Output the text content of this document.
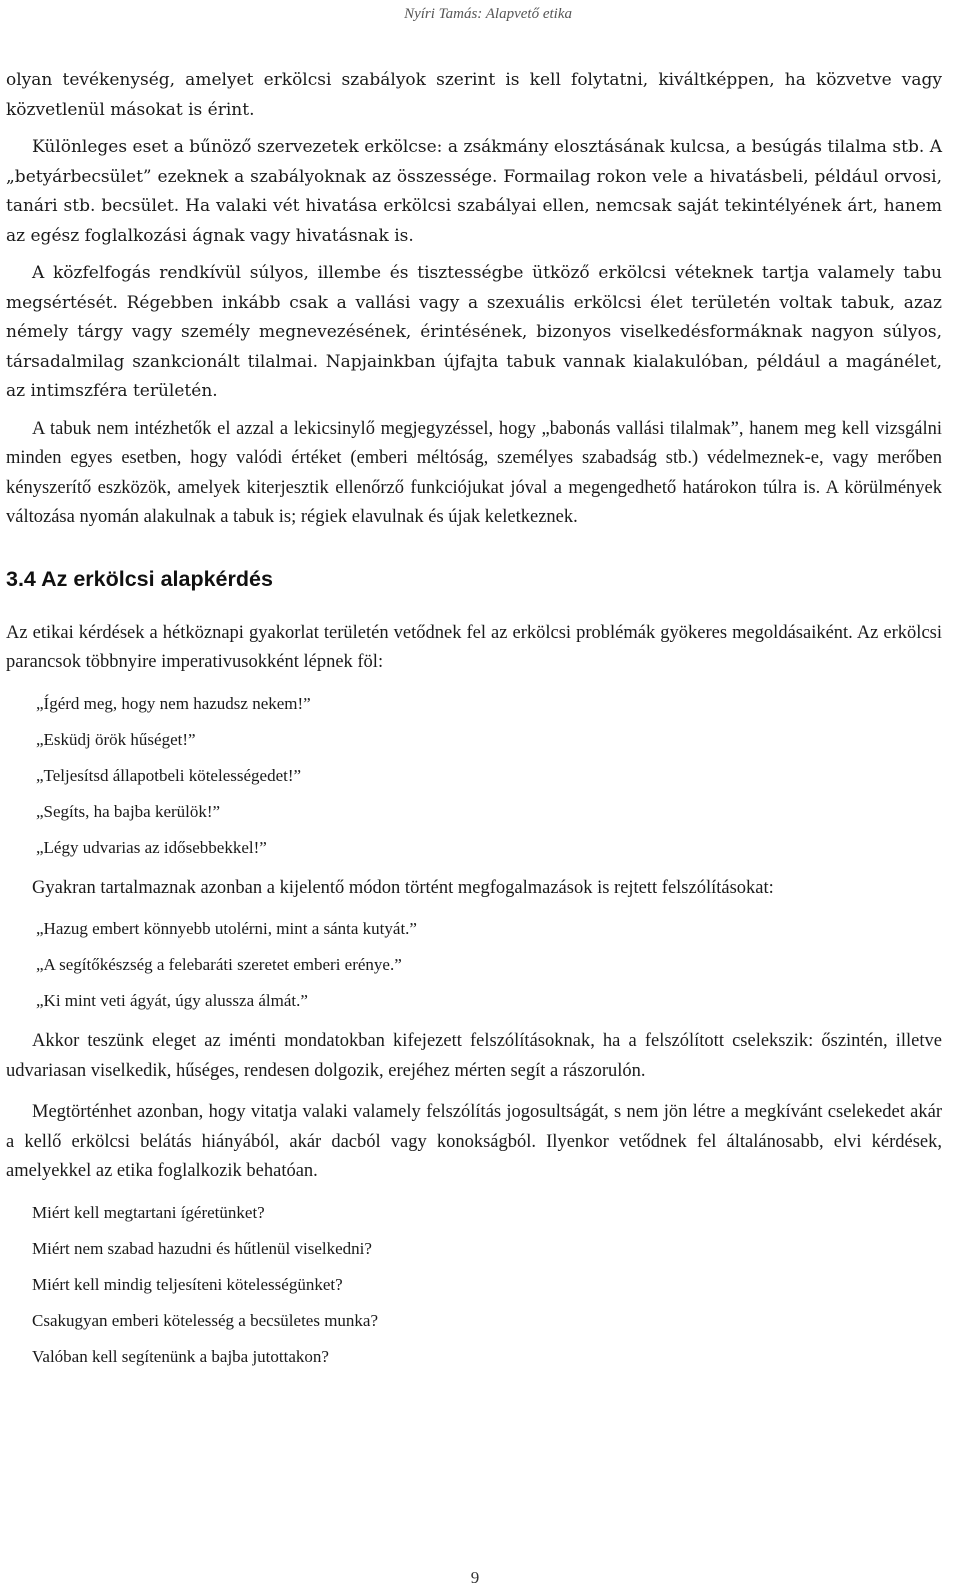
Nyíri Tamás: Alapvető etika

olyan tevékenység, amelyet erkölcsi szabályok szerint is kell folytatni, kiváltképpen, ha közvetve vagy közvetlenül másokat is érint.

Különleges eset a bűnöző szervezetek erkölcse: a zsákmány elosztásának kulcsa, a besúgás tilalma stb. A „betyárbecsület” ezeknek a szabályoknak az összessége. Formailag rokon vele a hivatásbeli, például orvosi, tanári stb. becsület. Ha valaki vét hivatása erkölcsi szabályai ellen, nemcsak saját tekintélyének árt, hanem az egész foglalkozási ágnak vagy hivatásnak is.

A közfelfogás rendkívül súlyos, illembe és tisztességbe ütköző erkölcsi véteknek tartja valamely tabu megsértését. Régebben inkább csak a vallási vagy a szexuális erkölcsi élet területén voltak tabuk, azaz némely tárgy vagy személy megnevezésének, érintésének, bizonyos viselkedésformáknak nagyon súlyos, társadalmilag szankcionált tilalmai. Napjainkban újfajta tabuk vannak kialakulóban, például a magánélet, az intimszféra területén.

A tabuk nem intézhetők el azzal a lekicsinylő megjegyzéssel, hogy „babonás vallási tilalmak”, hanem meg kell vizsgálni minden egyes esetben, hogy valódi értéket (emberi méltóság, személyes szabadság stb.) védelmeznek-e, vagy merőben kényszerítő eszközök, amelyek kiterjesztik ellenőrző funkciójukat jóval a megengedhető határokon túlra is. A körülmények változása nyomán alakulnak a tabuk is; régiek elavulnak és újak keletkeznek.

3.4 Az erkölcsi alapkérdés

Az etikai kérdések a hétköznapi gyakorlat területén vetődnek fel az erkölcsi problémák gyökeres megoldásaiként. Az erkölcsi parancsok többnyire imperativusokként lépnek föl:

„Ígérd meg, hogy nem hazudsz nekem!”

„Esküdj örök hűséget!”

„Teljesítsd állapotbeli kötelességedet!”

„Segíts, ha bajba kerülök!”

„Légy udvarias az idősebbekkel!”

Gyakran tartalmaznak azonban a kijelentő módon történt megfogalmazások is rejtett felszólításokat:

„Hazug embert könnyebb utolérni, mint a sánta kutyát.”

„A segítőkészség a felebaráti szeretet emberi erénye.”

„Ki mint veti ágyát, úgy alussza álmát.”

Akkor teszünk eleget az iménti mondatokban kifejezett felszólításoknak, ha a felszólított cselekszik: őszintén, illetve udvariasan viselkedik, hűséges, rendesen dolgozik, erejéhez mérten segít a rászorulón.

Megtörténhet azonban, hogy vitatja valaki valamely felszólítás jogosultságát, s nem jön létre a megkívánt cselekedet akár a kellő erkölcsi belátás hiányából, akár dacból vagy konokságból. Ilyenkor vetődnek fel általánosabb, elvi kérdések, amelyekkel az etika foglalkozik behatóan.

Miért kell megtartani ígéretünket?

Miért nem szabad hazudni és hűtlenül viselkedni?

Miért kell mindig teljesíteni kötelességünket?

Csakugyan emberi kötelesség a becsületes munka?

Valóban kell segítenünk a bajba jutottakon?

9
